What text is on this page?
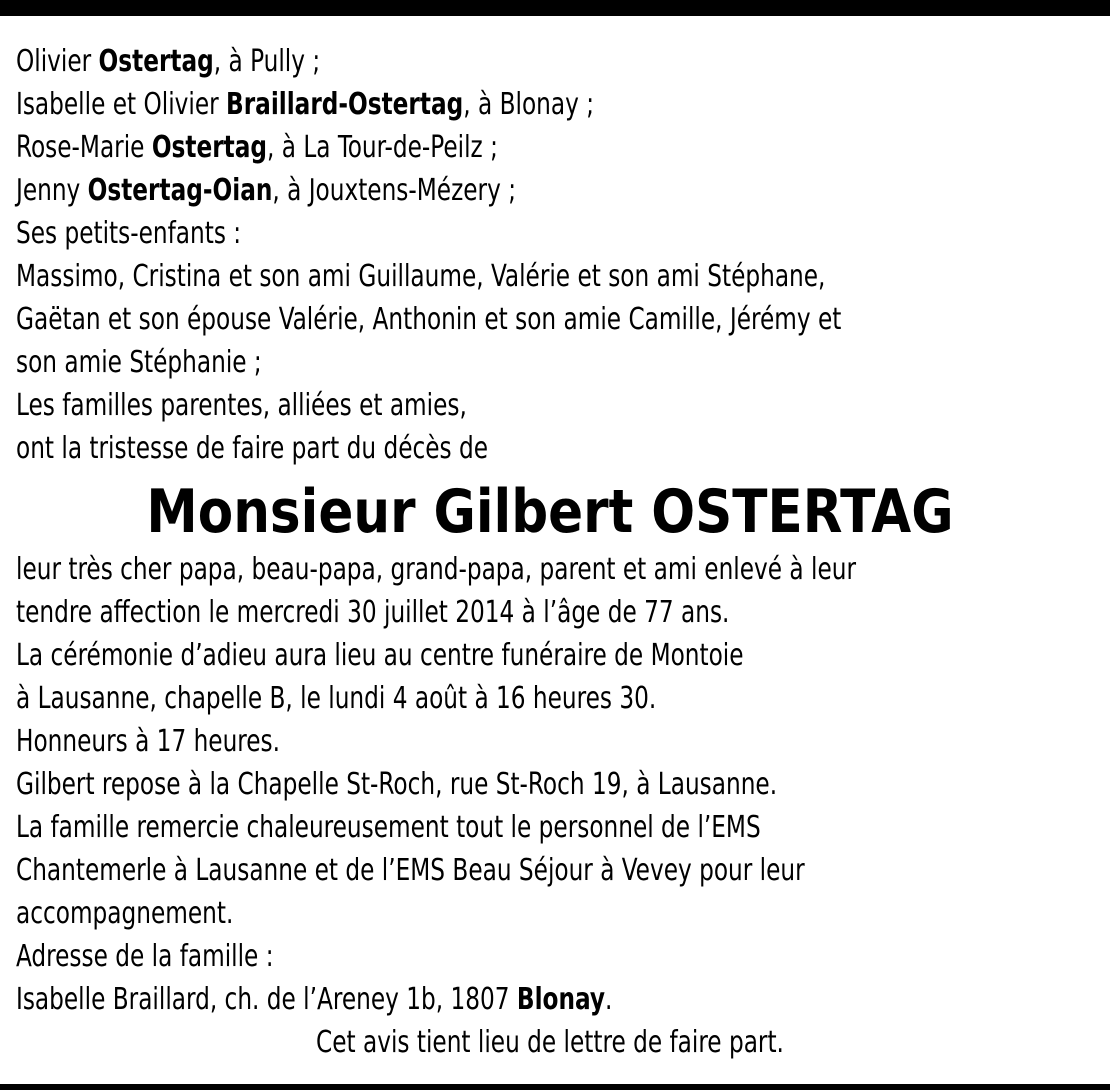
Olivier Ostertag, à Pully ;
Isabelle et Olivier Braillard-Ostertag, à Blonay ;
Rose-Marie Ostertag, à La Tour-de-Peilz ;
Jenny Ostertag-Oian, à Jouxtens-Mézery ;
Ses petits-enfants :
Massimo, Cristina et son ami Guillaume, Valérie et son ami Stéphane,
Gaëtan et son épouse Valérie, Anthonin et son amie Camille, Jérémy et
son amie Stéphanie ;
Les familles parentes, alliées et amies,
ont la tristesse de faire part du décès de
Monsieur Gilbert OSTERTAG
leur très cher papa, beau-papa, grand-papa, parent et ami enlevé à leur
tendre affection le mercredi 30 juillet 2014 à l’âge de 77 ans.
La cérémonie d’adieu aura lieu au centre funéraire de Montoie
à Lausanne, chapelle B, le lundi 4 août à 16 heures 30.
Honneurs à 17 heures.
Gilbert repose à la Chapelle St-Roch, rue St-Roch 19, à Lausanne.
La famille remercie chaleureusement tout le personnel de l’EMS
Chantemerle à Lausanne et de l’EMS Beau Séjour à Vevey pour leur
accompagnement.
Adresse de la famille :
Isabelle Braillard, ch. de l’Areney 1b, 1807 Blonay.
Cet avis tient lieu de lettre de faire part.
